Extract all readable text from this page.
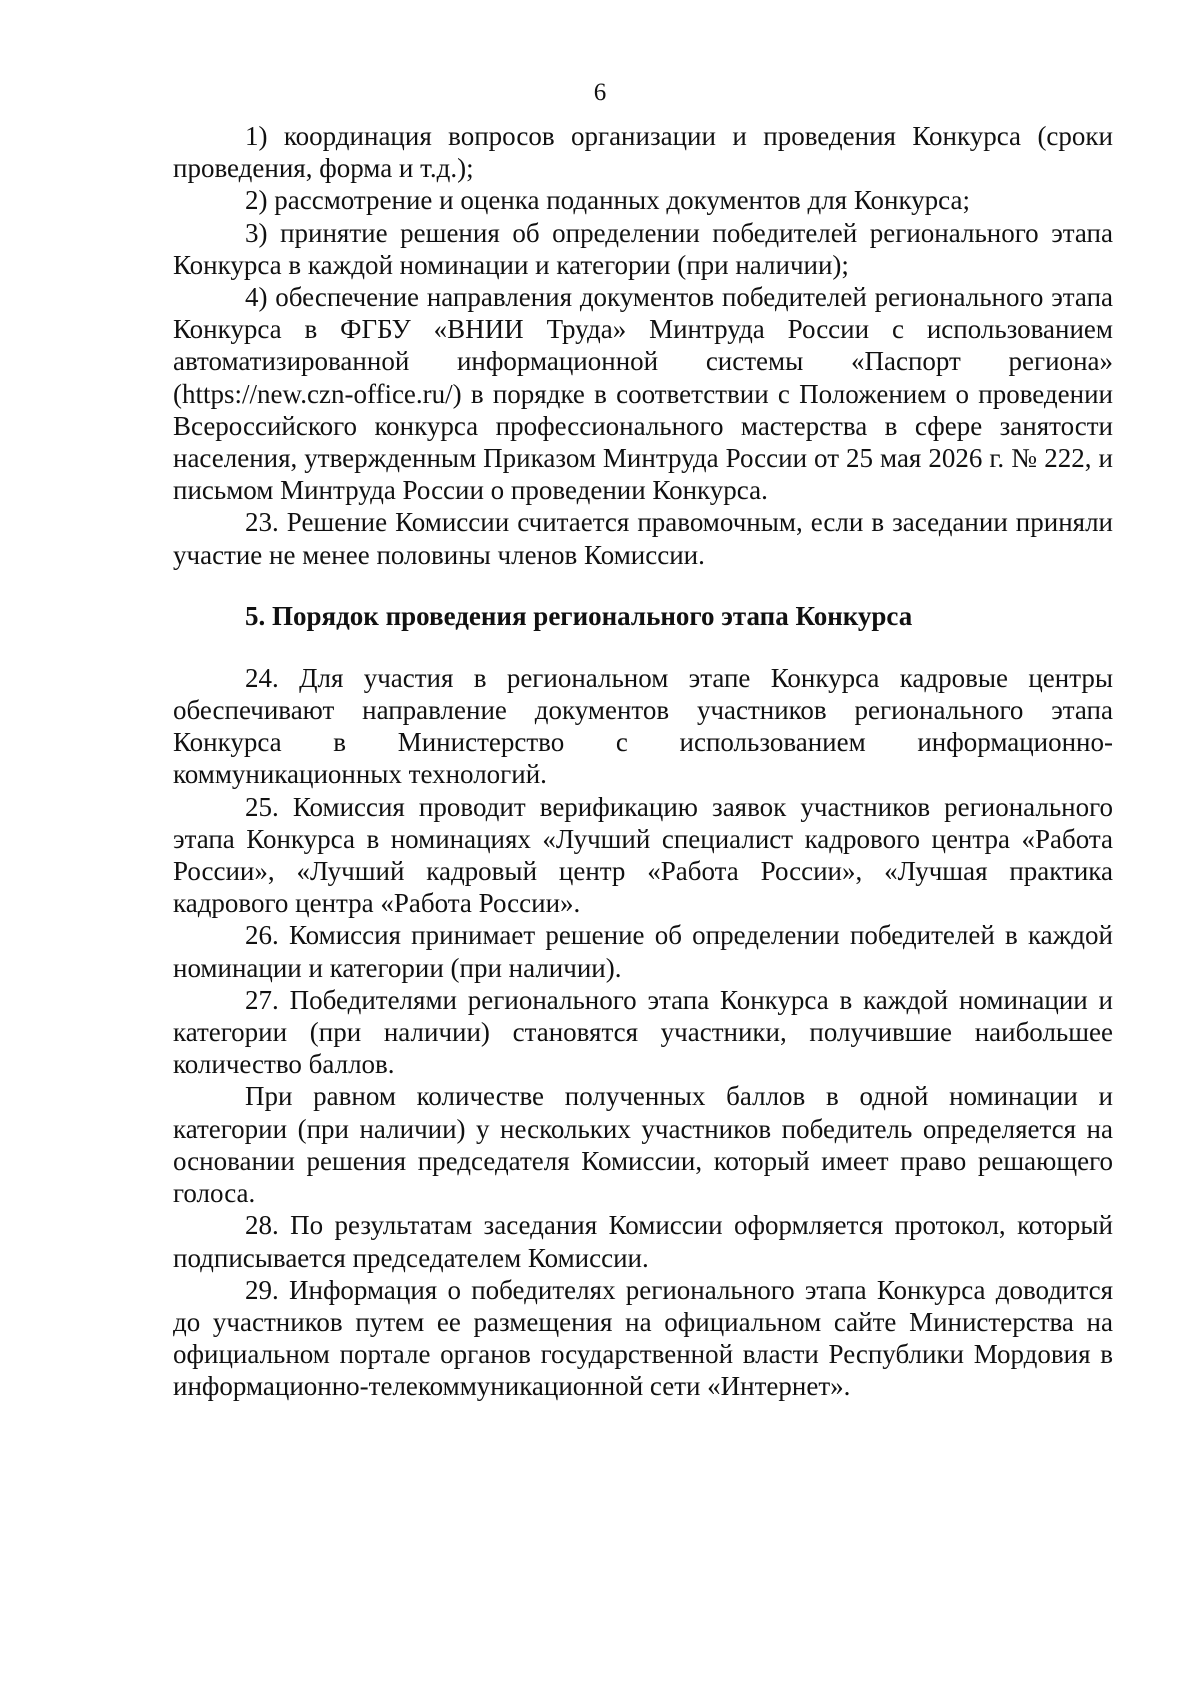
6

1) координация вопросов организации и проведения Конкурса (сроки проведения, форма и т.д.);

2) рассмотрение и оценка поданных документов для Конкурса;

3) принятие решения об определении победителей регионального этапа Конкурса в каждой номинации и категории (при наличии);

4) обеспечение направления документов победителей регионального этапа Конкурса в ФГБУ «ВНИИ Труда» Минтруда России с использованием автоматизированной информационной системы «Паспорт региона» (https://new.czn-office.ru/) в порядке в соответствии с Положением о проведении Всероссийского конкурса профессионального мастерства в сфере занятости населения, утвержденным Приказом Минтруда России от 25 мая 2026 г. № 222, и письмом Минтруда России о проведении Конкурса.

23. Решение Комиссии считается правомочным, если в заседании приняли участие не менее половины членов Комиссии.

5. Порядок проведения регионального этапа Конкурса

24. Для участия в региональном этапе Конкурса кадровые центры обеспечивают направление документов участников регионального этапа Конкурса в Министерство с использованием информационно-коммуникационных технологий.

25. Комиссия проводит верификацию заявок участников регионального этапа Конкурса в номинациях «Лучший специалист кадрового центра «Работа России», «Лучший кадровый центр «Работа России», «Лучшая практика кадрового центра «Работа России».

26. Комиссия принимает решение об определении победителей в каждой номинации и категории (при наличии).

27. Победителями регионального этапа Конкурса в каждой номинации и категории (при наличии) становятся участники, получившие наибольшее количество баллов.

При равном количестве полученных баллов в одной номинации и категории (при наличии) у нескольких участников победитель определяется на основании решения председателя Комиссии, который имеет право решающего голоса.

28. По результатам заседания Комиссии оформляется протокол, который подписывается председателем Комиссии.

29. Информация о победителях регионального этапа Конкурса доводится до участников путем ее размещения на официальном сайте Министерства на официальном портале органов государственной власти Республики Мордовия в информационно-телекоммуникационной сети «Интернет».
